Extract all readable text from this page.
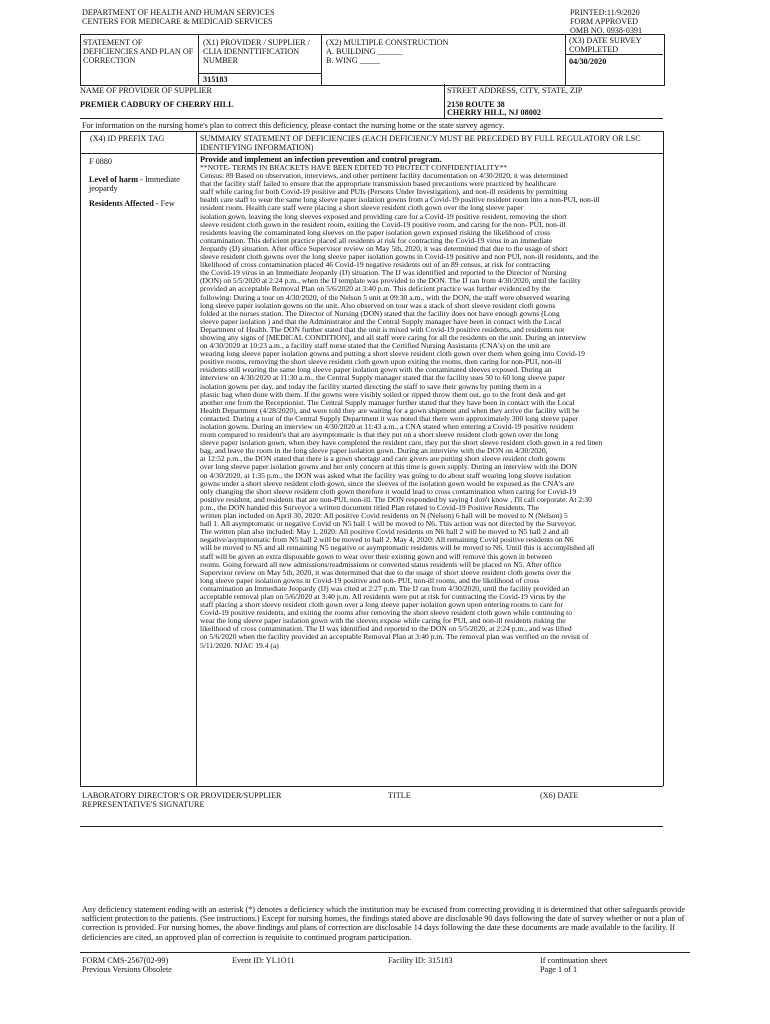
DEPARTMENT OF HEALTH AND HUMAN SERVICES
CENTERS FOR MEDICARE & MEDICAID SERVICES
PRINTED:11/9/2020
FORM APPROVED
OMB NO. 0938-0391
STATEMENT OF DEFICIENCIES AND PLAN OF CORRECTION
(X1) PROVIDER / SUPPLIER / CLIA IDENNTTIFICATION NUMBER
315183
(X2) MULTIPLE CONSTRUCTION
A. BUILDING ______
B. WING _____
(X3) DATE SURVEY COMPLETED
04/30/2020
NAME OF PROVIDER OF SUPPLIER
PREMIER CADBURY OF CHERRY HILL
STREET ADDRESS, CITY, STATE, ZIP
2150 ROUTE 38
CHERRY HILL, NJ 08002
For information on the nursing home's plan to correct this deficiency, please contact the nursing home or the state survey agency.
(X4) ID PREFIX TAG	SUMMARY STATEMENT OF DEFICIENCIES (EACH DEFICIENCY MUST BE PRECEDED BY FULL REGULATORY OR LSC IDENTIFYING INFORMATION)
F 0880
Level of harm - Immediate jeopardy
Residents Affected - Few
Provide and implement an infection prevention and control program.
**NOTE- TERMS IN BRACKETS HAVE BEEN EDITED TO PROTECT CONFIDENTIALITY**
Census: 89 Based on observation, interviews, and other pertinent facility documentation on 4/30/2020, it was determined
that the facility staff failed to ensure that the appropriate transmission based precautions were practiced by healthcare
staff while caring for both Covid-19 positive and PUIs (Persons Under Investigation), and non-ill residents by permitting
health care staff to wear the same long sleeve paper isolation gowns from a Covid-19 positive resident room into a non-PUI, non-ill
resident room. Health care staff were placing a short sleeve resident cloth gown over the long sleeve paper
isolation gown, leaving the long sleeves exposed and providing care for a Covid-19 positive resident, removing the short
sleeve resident cloth gown in the resident room, exiting the Covid-19 positive room, and caring for the non- PUI, non-ill
residents leaving the contaminated long sleeves on the paper isolation gown exposed risking the likelihood of cross
contamination. This deficient practice placed all residents at risk for contracting the Covid-19 virus in an immediate
Jeopardy (IJ) situation. After office Supervisor review on May 5th, 2020, it was determined that due to the usage of short
sleeve resident cloth gowns over the long sleeve paper isolation gowns in Covid-19 positive and non PUI, non-ill residents, and the
likelihood of cross contamination placed 46 Covid-19 negative residents out of an 89 census, at risk for contracting
the Covid-19 virus in an Immediate Jeopardy (IJ) situation. The IJ was identified and reported to the Director of Nursing
(DON) on 5/5/2020 at 2:24 p.m., when the IJ template was provided to the DON. The IJ ran from 4/30/2020, until the facility
provided an acceptable Removal Plan on 5/6/2020 at 3:40 p.m. This deficient practice was further evidenced by the
following: During a tour on 4/30/2020, of the Nelson 5 unit at 09:30 a.m., with the DON, the staff were observed wearing
long sleeve paper isolation gowns on the unit. Also observed on tour was a stack of short sleeve resident cloth gowns
folded at the nurses station. The Director of Nursing (DON) stated that the facility does not have enough gowns (Long
sleeve paper isolation ) and that the Administrator and the Central Supply manager have been in contact with the Local
Department of Health. The DON further stated that the unit is mixed with Covid-19 positive residents, and residents not
showing any signs of [MEDICAL CONDITION], and all staff were caring for all the residents on the unit. During an interview
on 4/30/2020 at 10:23 a.m., a facility staff nurse stated that the Certified Nursing Assistants (CNA's) on the unit are
wearing long sleeve paper isolation gowns and putting a short sleeve resident cloth gown over them when going into Covid-19
positive rooms, removing the short sleeve resident cloth gown upon exiting the rooms, then caring for non-PUI, non-ill
residents still wearing the same long sleeve paper isolation gown with the contaminated sleeves exposed. During an
interview on 4/30/2020 at 11:30 a.m., the Central Supply manager stated that the facility uses 50 to 60 long sleeve paper
isolation gowns per day, and today the facility started directing the staff to save their gowns by putting them in a
plastic bag when done with them. If the gowns were visibly soiled or ripped throw them out, go to the front desk and get
another one from the Receptionist. The Central Supply manager further stated that they have been in contact with the Local
Health Department (4/28/2020), and were told they are waiting for a gown shipment and when they arrive the facility will be
contacted. During a tour of the Central Supply Department it was noted that there were approximately 300 long sleeve paper
isolation gowns. During an interview on 4/30/2020 at 11:43 a.m., a CNA stated when entering a Covid-19 positive resident
room compared to resident's that are asymptomatic is that they put on a short sleeve resident cloth gown over the long
sleeve paper isolation gown, when they have completed the resident care, they put the short sleeve resident cloth gown in a red linen
bag, and leave the room in the long sleeve paper isolation gown. During an interview with the DON on 4/30/2020,
at 12:52 p.m., the DON stated that there is a gown shortage and care givers are putting short sleeve resident cloth gowns
over long sleeve paper isolation gowns and her only concern at this time is gown supply. During an interview with the DON
on 4/30/2020, at 1:35 p.m., the DON was asked what the facility was going to do about staff wearing long sleeve isolation
gowns under a short sleeve resident cloth gown, since the sleeves of the isolation gown would be exposed as the CNA's are
only changing the short sleeve resident cloth gown therefore it would lead to cross contamination when caring for Covid-19
positive resident, and residents that are non-PUI, non-ill. The DON responded by saying I don't know , I'll call corporate. At 2:30
p.m., the DON handed this Surveyor a written document titled Plan related to Covid-19 Positive Residents. The
written plan included on April 30, 2020: All positive Covid residents on N (Nelson) 6 hall will be moved to N (Nelson) 5
hall 1. All asymptomatic or negative Covid on N5 hall 1 will be moved to N6. This action was not directed by the Surveyor.
The written plan also included: May 1, 2020: All positive Covid residents on N6 hall 2 will be moved to N5 hall 2 and all
negative/asymptomatic from N5 hall 2 will be moved to hall 2. May 4, 2020: All remaining Covid positive residents on N6
will be moved to N5 and all remaining N5 negative or asymptomatic residents will be moved to N6. Until this is accomplished all
staff will be given an extra disposable gown to wear over their existing gown and will remove this gown in between
rooms. Going forward all new admissions/readmissions or converted status residents will be placed on N5. After office
Supervisor review on May 5th, 2020, it was determined that due to the usage of short sleeve resident cloth gowns over the
long sleeve paper isolation gowns in Covid-19 positive and non- PUI, non-ill rooms, and the likelihood of cross
contamination an Immediate Jeopardy (IJ) was cited at 2:27 p.m. The IJ ran from 4/30/2020, until the facility provided an
acceptable removal plan on 5/6/2020 at 3:40 p.m. All residents were put at risk for contracting the Covid-19 virus by the
staff placing a short sleeve resident cloth gown over a long sleeve paper isolation gown upon entering rooms to care for
Covid-19 positive residents, and exiting the rooms after removing the short sleeve resident cloth gown while continuing to
wear the long sleeve paper isolation gown with the sleeves expose while caring for PUI, and non-ill residents risking the
likelihood of cross contamination. The IJ was identified and reported to the DON on 5/5/2020, at 2:24 p.m., and was lifted
on 5/6/2020 when the facility provided an acceptable Removal Plan at 3:40 p.m. The removal plan was verified on the revisit of
5/11/2020. NJAC 19.4 (a)
LABORATORY DIRECTOR'S OR PROVIDER/SUPPLIER REPRESENTATIVE'S SIGNATURE
TITLE	(X6) DATE
Any deficiency statement ending with an asterisk (*) denotes a deficiency which the institution may be excused from correcting providing it is determined that other safeguards provide sufficient protection to the patients. (See instructions.) Except for nursing homes, the findings stated above are disclosable 90 days following the date of survey whether or not a plan of correction is provided. For nursing homes, the above findings and plans of correction are disclosable 14 days following the date these documents are made available to the facility. If deficiencies are cited, an approved plan of correction is requisite to continued program participation.
FORM CMS-2567(02-99)
Previous Versions Obsolete
Event ID: YL1O11	Facility ID: 315183	If continuation sheet
Page 1 of 1
